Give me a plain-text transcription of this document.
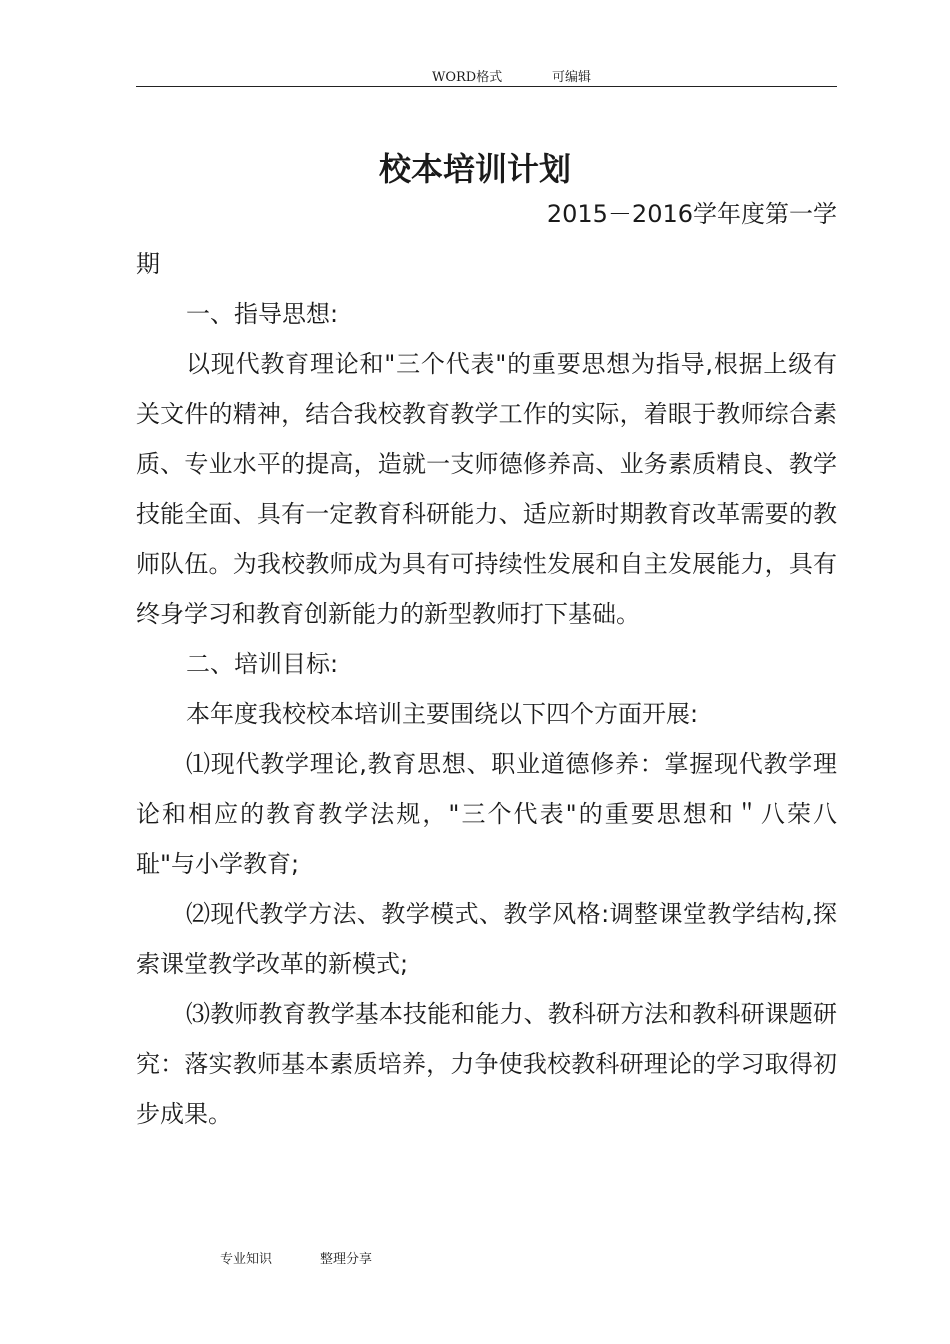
WORD格式	可编辑
校本培训计划

2015－2016学年度第一学

期

一、指导思想:

以现代教育理论和"三个代表"的重要思想为指导,根据上级有关文件的精神，结合我校教育教学工作的实际，着眼于教师综合素质、专业水平的提高，造就一支师德修养高、业务素质精良、教学技能全面、具有一定教育科研能力、适应新时期教育改革需要的教师队伍。为我校教师成为具有可持续性发展和自主发展能力，具有终身学习和教育创新能力的新型教师打下基础。

二、培训目标:

本年度我校校本培训主要围绕以下四个方面开展:

⑴现代教学理论,教育思想、职业道德修养：掌握现代教学理论和相应的教育教学法规，"三个代表"的重要思想和＂八荣八耻"与小学教育;

⑵现代教学方法、教学模式、教学风格:调整课堂教学结构,探索课堂教学改革的新模式;

⑶教师教育教学基本技能和能力、教科研方法和教科研课题研究：落实教师基本素质培养，力争使我校教科研理论的学习取得初步成果。

专业知识	整理分享
